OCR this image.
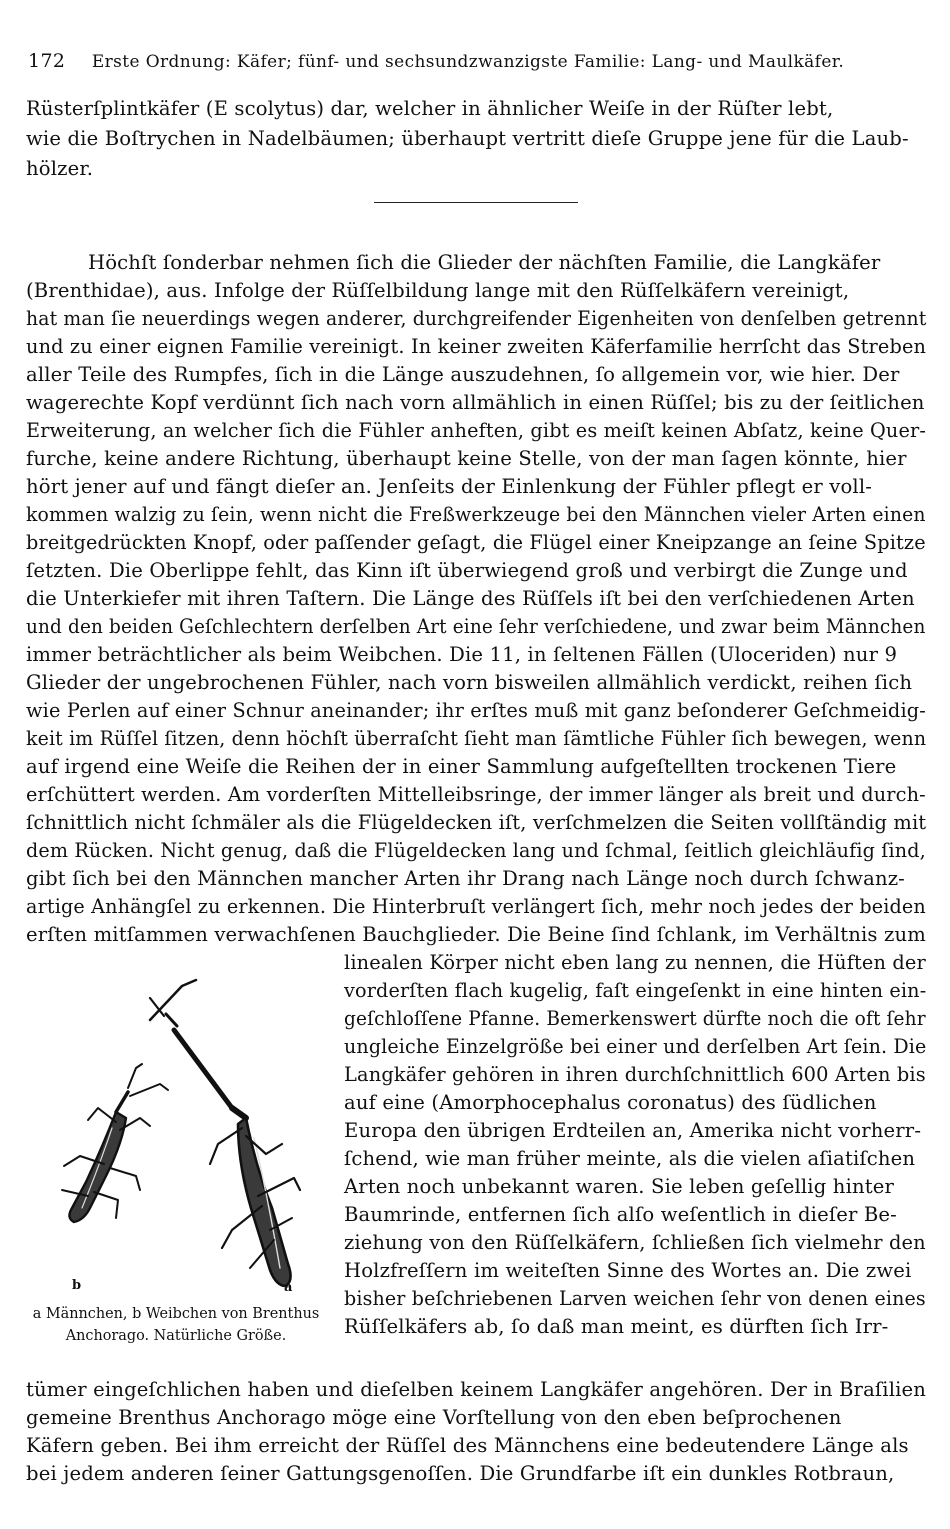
172 Erste Ordnung: Käfer; fünf- und sechsundzwanzigste Familie: Lang- und Maulkäfer.
Rüsterſplintkäfer (E scolytus) dar, welcher in ähnlicher Weiſe in der Rüſter lebt,
wie die Boſtrychen in Nadelbäumen; überhaupt vertritt dieſe Gruppe jene für die Laub-
hölzer.
Höchſt ſonderbar nehmen ſich die Glieder der nächſten Familie, die Langkäfer
(Brenthidae), aus. Infolge der Rüſſelbildung lange mit den Rüſſelkäfern vereinigt,
hat man ſie neuerdings wegen anderer, durchgreifender Eigenheiten von denſelben getrennt
und zu einer eignen Familie vereinigt. In keiner zweiten Käferfamilie herrſcht das Streben
aller Teile des Rumpfes, ſich in die Länge auszudehnen, ſo allgemein vor, wie hier. Der
wagerechte Kopf verdünnt ſich nach vorn allmählich in einen Rüſſel; bis zu der ſeitlichen
Erweiterung, an welcher ſich die Fühler anheften, gibt es meiſt keinen Abſatz, keine Quer-
furche, keine andere Richtung, überhaupt keine Stelle, von der man ſagen könnte, hier
hört jener auf und fängt dieſer an. Jenſeits der Einlenkung der Fühler pflegt er voll-
kommen walzig zu ſein, wenn nicht die Freßwerkzeuge bei den Männchen vieler Arten einen
breitgedrückten Knopf, oder paſſender geſagt, die Flügel einer Kneipzange an ſeine Spitze
ſetzten. Die Oberlippe fehlt, das Kinn iſt überwiegend groß und verbirgt die Zunge und
die Unterkiefer mit ihren Taſtern. Die Länge des Rüſſels iſt bei den verſchiedenen Arten
und den beiden Geſchlechtern derſelben Art eine ſehr verſchiedene, und zwar beim Männchen
immer beträchtlicher als beim Weibchen. Die 11, in ſeltenen Fällen (Uloceriden) nur 9
Glieder der ungebrochenen Fühler, nach vorn bisweilen allmählich verdickt, reihen ſich
wie Perlen auf einer Schnur aneinander; ihr erſtes muß mit ganz beſonderer Geſchmeidig-
keit im Rüſſel ſitzen, denn höchſt überraſcht ſieht man ſämtliche Fühler ſich bewegen, wenn
auf irgend eine Weiſe die Reihen der in einer Sammlung aufgeſtellten trockenen Tiere
erſchüttert werden. Am vorderſten Mittelleibsringe, der immer länger als breit und durch-
ſchnittlich nicht ſchmäler als die Flügeldecken iſt, verſchmelzen die Seiten vollſtändig mit
dem Rücken. Nicht genug, daß die Flügeldecken lang und ſchmal, ſeitlich gleichläufig ſind,
gibt ſich bei den Männchen mancher Arten ihr Drang nach Länge noch durch ſchwanz-
artige Anhängſel zu erkennen. Die Hinterbruſt verlängert ſich, mehr noch jedes der beiden
erſten mitſammen verwachſenen Bauchglieder. Die Beine ſind ſchlank, im Verhältnis zum
linealen Körper nicht eben lang zu nennen, die Hüften der
vorderſten flach kugelig, faſt eingeſenkt in eine hinten ein-
geſchloſſene Pfanne. Bemerkenswert dürfte noch die oft ſehr
ungleiche Einzelgröße bei einer und derſelben Art ſein. Die
Langkäfer gehören in ihren durchſchnittlich 600 Arten bis
auf eine (Amorphocephalus coronatus) des ſüdlichen
Europa den übrigen Erdteilen an, Amerika nicht vorherr-
ſchend, wie man früher meinte, als die vielen aſiatiſchen
Arten noch unbekannt waren. Sie leben geſellig hinter
Baumrinde, entfernen ſich alſo weſentlich in dieſer Be-
ziehung von den Rüſſelkäfern, ſchließen ſich vielmehr den
Holzfreſſern im weiteſten Sinne des Wortes an. Die zwei
bisher beſchriebenen Larven weichen ſehr von denen eines
Rüſſelkäfers ab, ſo daß man meint, es dürften ſich Irr-
b	a
a Männchen, b Weibchen von Brenthus
Anchorago. Natürliche Größe.
tümer eingeſchlichen haben und dieſelben keinem Langkäfer angehören. Der in Braſilien
gemeine Brenthus Anchorago möge eine Vorſtellung von den eben beſprochenen
Käfern geben. Bei ihm erreicht der Rüſſel des Männchens eine bedeutendere Länge als
bei jedem anderen ſeiner Gattungsgenoſſen. Die Grundfarbe iſt ein dunkles Rotbraun,
